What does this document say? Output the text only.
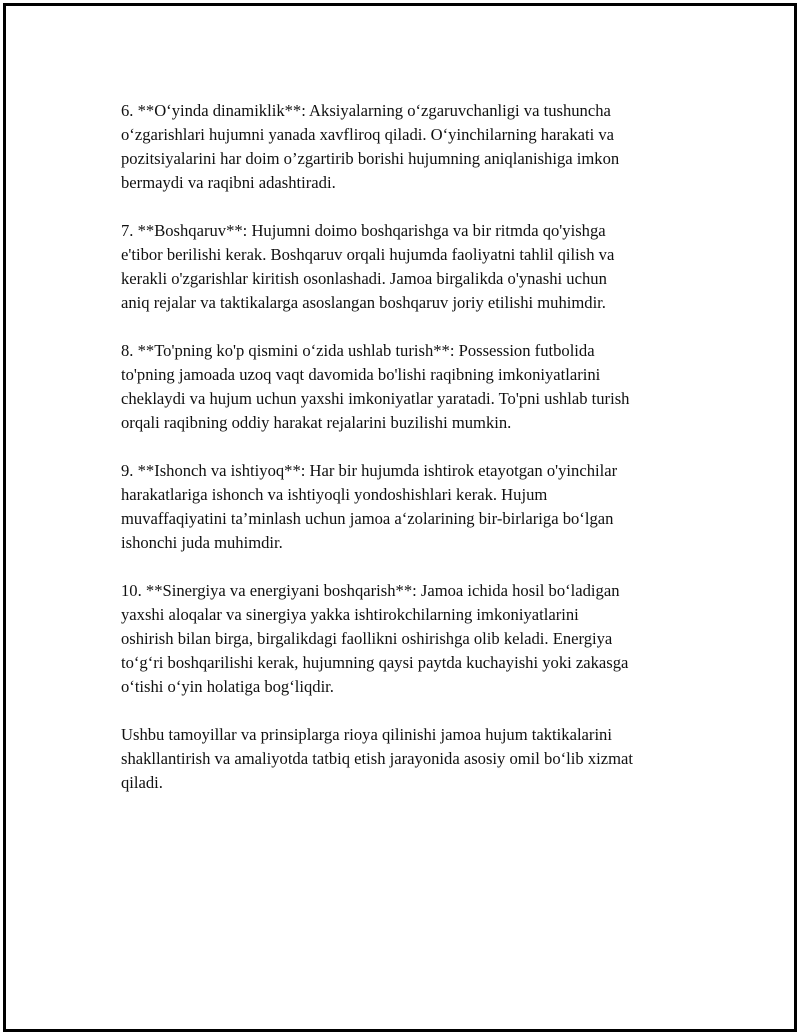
6. **O‘yinda dinamiklik**: Aksiyalarning o‘zgaruvchanligi va tushuncha
o‘zgarishlari hujumni yanada xavfliroq qiladi. O‘yinchilarning harakati va
pozitsiyalarini har doim o’zgartirib borishi hujumning aniqlanishiga imkon
bermaydi va raqibni adashtiradi.

7. **Boshqaruv**: Hujumni doimo boshqarishga va bir ritmda qo'yishga
e'tibor berilishi kerak. Boshqaruv orqali hujumda faoliyatni tahlil qilish va
kerakli o'zgarishlar kiritish osonlashadi. Jamoa birgalikda o'ynashi uchun
aniq rejalar va taktikalarga asoslangan boshqaruv joriy etilishi muhimdir.

8. **To'pning ko'p qismini o‘zida ushlab turish**: Possession futbolida
to'pning jamoada uzoq vaqt davomida bo'lishi raqibning imkoniyatlarini
cheklaydi va hujum uchun yaxshi imkoniyatlar yaratadi. To'pni ushlab turish
orqali raqibning oddiy harakat rejalarini buzilishi mumkin.

9. **Ishonch va ishtiyoq**: Har bir hujumda ishtirok etayotgan o'yinchilar
harakatlariga ishonch va ishtiyoqli yondoshishlari kerak. Hujum
muvaffaqiyatini ta’minlash uchun jamoa a‘zolarining bir-birlariga bo‘lgan
ishonchi juda muhimdir.

10. **Sinergiya va energiyani boshqarish**: Jamoa ichida hosil bo‘ladigan
yaxshi aloqalar va sinergiya yakka ishtirokchilarning imkoniyatlarini
oshirish bilan birga, birgalikdagi faollikni oshirishga olib keladi. Energiya
to‘g‘ri boshqarilishi kerak, hujumning qaysi paytda kuchayishi yoki zakasga
o‘tishi o‘yin holatiga bog‘liqdir.

Ushbu tamoyillar va prinsiplarga rioya qilinishi jamoa hujum taktikalarini
shakllantirish va amaliyotda tatbiq etish jarayonida asosiy omil bo‘lib xizmat
qiladi.
